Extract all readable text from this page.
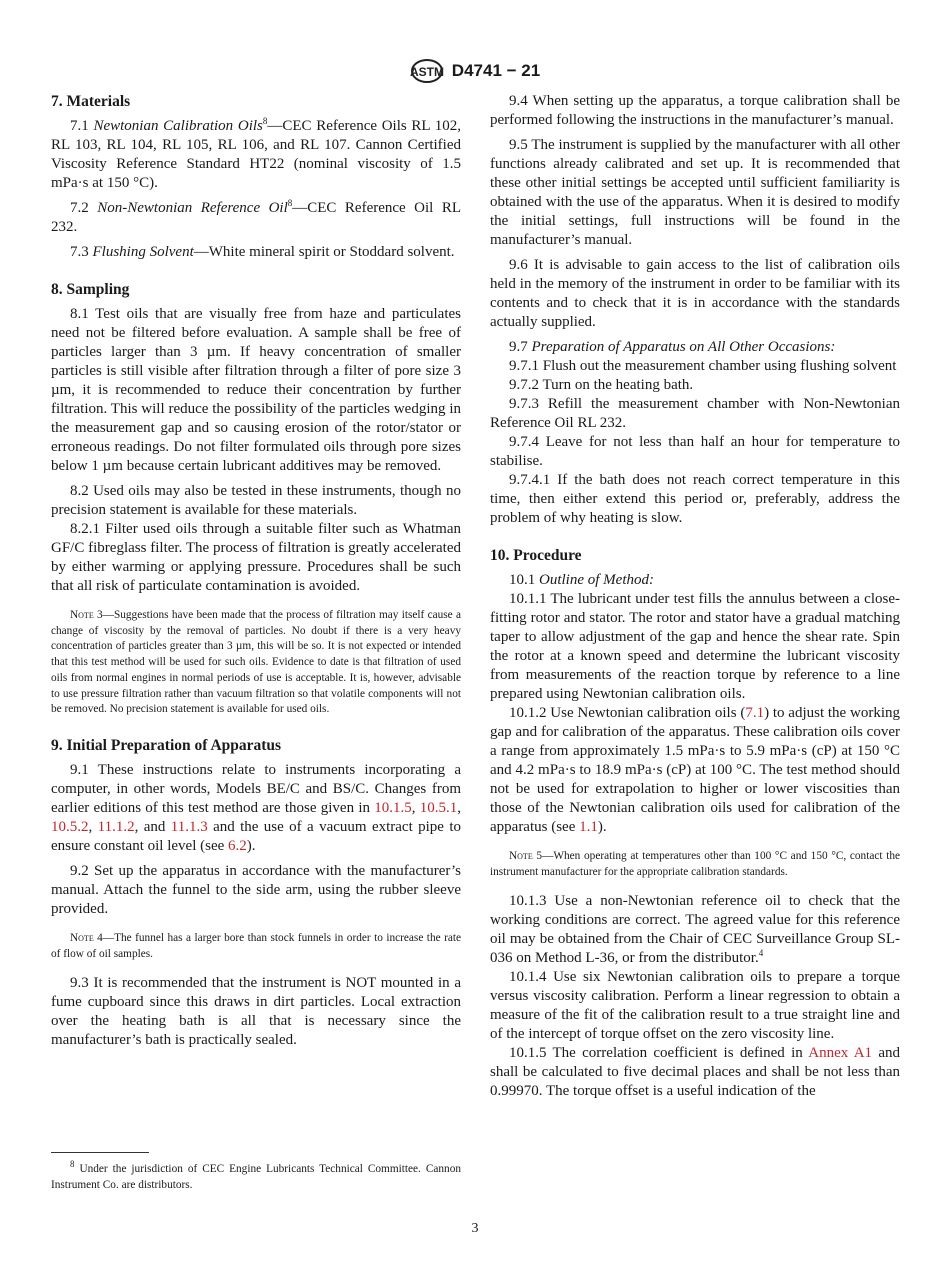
ASTM D4741 − 21
7. Materials

7.1 Newtonian Calibration Oils$^8$—CEC Reference Oils RL 102, RL 103, RL 104, RL 105, RL 106, and RL 107. Cannon Certified Viscosity Reference Standard HT22 (nominal viscosity of 1.5 mPa·s at 150 °C).

7.2 Non-Newtonian Reference Oil$^8$—CEC Reference Oil RL 232.

7.3 Flushing Solvent—White mineral spirit or Stoddard solvent.

8. Sampling

8.1 Test oils that are visually free from haze and particulates need not be filtered before evaluation. A sample shall be free of particles larger than 3 µm. If heavy concentration of smaller particles is still visible after filtration through a filter of pore size 3 µm, it is recommended to reduce their concentration by further filtration. This will reduce the possibility of the particles wedging in the measurement gap and so causing erosion of the rotor/stator or erroneous readings. Do not filter formulated oils through pore sizes below 1 µm because certain lubricant additives may be removed.

8.2 Used oils may also be tested in these instruments, though no precision statement is available for these materials.

8.2.1 Filter used oils through a suitable filter such as Whatman GF/C fibreglass filter. The process of filtration is greatly accelerated by either warming or applying pressure. Procedures shall be such that all risk of particulate contamination is avoided.

Note 3—Suggestions have been made that the process of filtration may itself cause a change of viscosity by the removal of particles. No doubt if there is a very heavy concentration of particles greater than 3 µm, this will be so. It is not expected or intended that this test method will be used for such oils. Evidence to date is that filtration of used oils from normal engines in normal periods of use is acceptable. It is, however, advisable to use pressure filtration rather than vacuum filtration so that volatile components will not be removed. No precision statement is available for used oils.

9. Initial Preparation of Apparatus

9.1 These instructions relate to instruments incorporating a computer, in other words, Models BE/C and BS/C. Changes from earlier editions of this test method are those given in 10.1.5, 10.5.1, 10.5.2, 11.1.2, and 11.1.3 and the use of a vacuum extract pipe to ensure constant oil level (see 6.2).

9.2 Set up the apparatus in accordance with the manufacturer’s manual. Attach the funnel to the side arm, using the rubber sleeve provided.

Note 4—The funnel has a larger bore than stock funnels in order to increase the rate of flow of oil samples.

9.3 It is recommended that the instrument is NOT mounted in a fume cupboard since this draws in dirt particles. Local extraction over the heating bath is all that is necessary since the manufacturer’s bath is practically sealed.

9.4 When setting up the apparatus, a torque calibration shall be performed following the instructions in the manufacturer’s manual.

9.5 The instrument is supplied by the manufacturer with all other functions already calibrated and set up. It is recommended that these other initial settings be accepted until sufficient familiarity is obtained with the use of the apparatus. When it is desired to modify the initial settings, full instructions will be found in the manufacturer’s manual.

9.6 It is advisable to gain access to the list of calibration oils held in the memory of the instrument in order to be familiar with its contents and to check that it is in accordance with the standards actually supplied.

9.7 Preparation of Apparatus on All Other Occasions:

9.7.1 Flush out the measurement chamber using flushing solvent

9.7.2 Turn on the heating bath.

9.7.3 Refill the measurement chamber with Non-Newtonian Reference Oil RL 232.

9.7.4 Leave for not less than half an hour for temperature to stabilise.

9.7.4.1 If the bath does not reach correct temperature in this time, then either extend this period or, preferably, address the problem of why heating is slow.

10. Procedure

10.1 Outline of Method:

10.1.1 The lubricant under test fills the annulus between a close-fitting rotor and stator. The rotor and stator have a gradual matching taper to allow adjustment of the gap and hence the shear rate. Spin the rotor at a known speed and determine the lubricant viscosity from measurements of the reaction torque by reference to a line prepared using Newtonian calibration oils.

10.1.2 Use Newtonian calibration oils (7.1) to adjust the working gap and for calibration of the apparatus. These calibration oils cover a range from approximately 1.5 mPa·s to 5.9 mPa·s (cP) at 150 °C and 4.2 mPa·s to 18.9 mPa·s (cP) at 100 °C. The test method should not be used for extrapolation to higher or lower viscosities than those of the Newtonian calibration oils used for calibration of the apparatus (see 1.1).

Note 5—When operating at temperatures other than 100 °C and 150 °C, contact the instrument manufacturer for the appropriate calibration standards.

10.1.3 Use a non-Newtonian reference oil to check that the working conditions are correct. The agreed value for this reference oil may be obtained from the Chair of CEC Surveillance Group SL-036 on Method L-36, or from the distributor.$^4$

10.1.4 Use six Newtonian calibration oils to prepare a torque versus viscosity calibration. Perform a linear regression to obtain a measure of the fit of the calibration result to a true straight line and of the intercept of torque offset on the zero viscosity line.

10.1.5 The correlation coefficient is defined in Annex A1 and shall be calculated to five decimal places and shall be not less than 0.99970. The torque offset is a useful indication of the

$^8$ Under the jurisdiction of CEC Engine Lubricants Technical Committee. Cannon Instrument Co. are distributors.
3
